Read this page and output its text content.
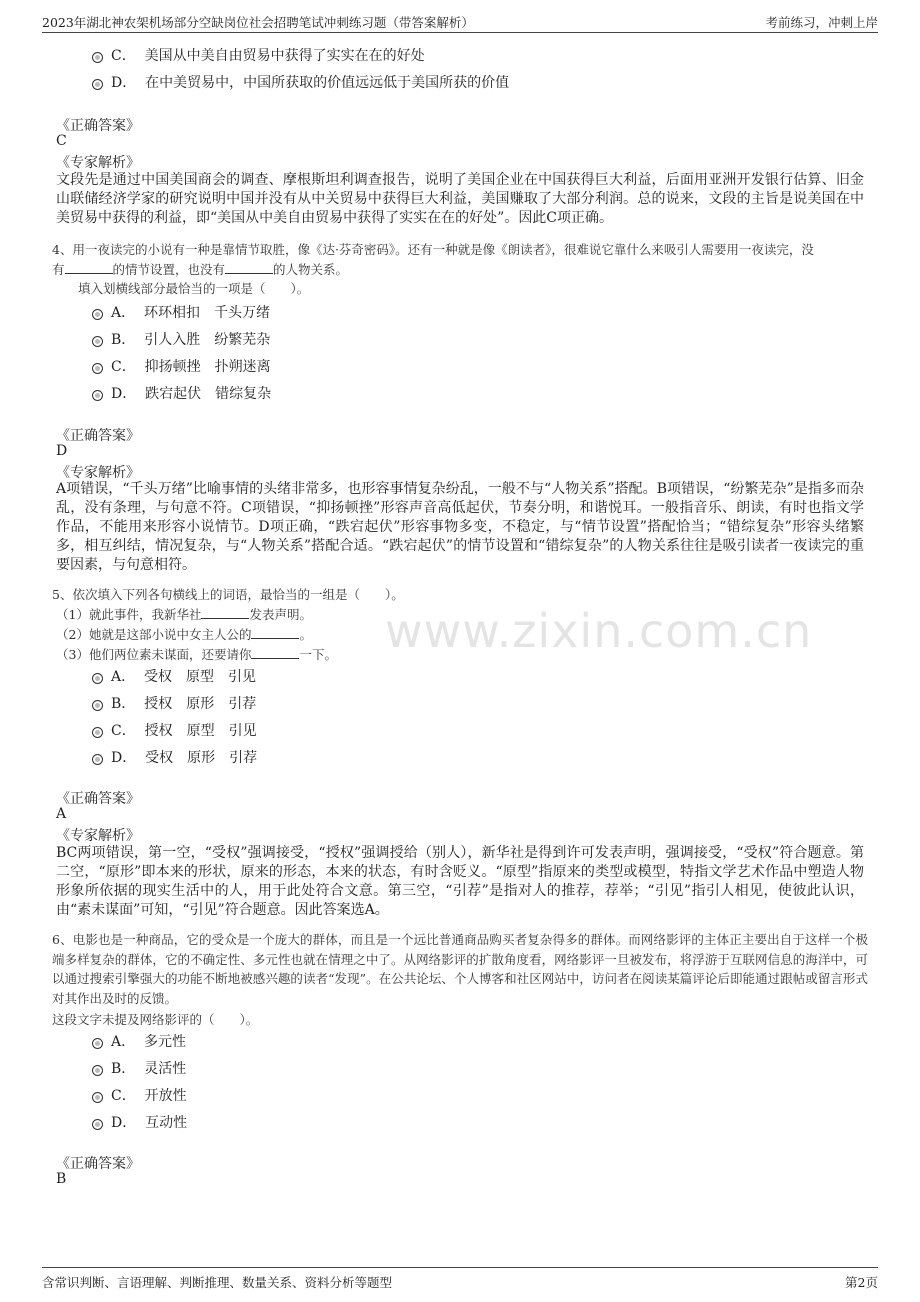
2023年湖北神农架机场部分空缺岗位社会招聘笔试冲刺练习题（带答案解析）	考前练习，冲刺上岸
www.zixin.com.cn
C． 美国从中美自由贸易中获得了实实在在的好处
D． 在中美贸易中，中国所获取的价值远远低于美国所获的价值
《正确答案》
C
《专家解析》
文段先是通过中国美国商会的调查、摩根斯坦利调查报告，说明了美国企业在中国获得巨大利益，后面用亚洲开发银行估算、旧金山联储经济学家的研究说明中国并没有从中关贸易中获得巨大利益，美国赚取了大部分利润。总的说来，文段的主旨是说美国在中美贸易中获得的利益，即“美国从中美自由贸易中获得了实实在在的好处”。因此C项正确。
4、用一夜读完的小说有一种是靠情节取胜，像《达·芬奇密码》。还有一种就是像《朗读者》，很难说它靠什么来吸引人需要用一夜读完，没
有	的情节设置，也没有	的人物关系。
填入划横线部分最恰当的一项是（　　）。
A． 环环相扣　千头万绪
B． 引人入胜　纷繁芜杂
C． 抑扬顿挫　扑朔迷离
D． 跌宕起伏　错综复杂
《正确答案》
D
《专家解析》
A项错误，“千头万绪”比喻事情的头绪非常多，也形容事情复杂纷乱，一般不与“人物关系”搭配。B项错误，“纷繁芜杂”是指多而杂乱，没有条理，与句意不符。C项错误，“抑扬顿挫”形容声音高低起伏，节奏分明，和谐悦耳。一般指音乐、朗读，有时也指文学作品，不能用来形容小说情节。D项正确，“跌宕起伏”形容事物多变，不稳定，与“情节设置”搭配恰当；“错综复杂”形容头绪繁多，相互纠结，情况复杂，与“人物关系”搭配合适。“跌宕起伏”的情节设置和“错综复杂”的人物关系往往是吸引读者一夜读完的重要因素，与句意相符。
5、依次填入下列各句横线上的词语，最恰当的一组是（　　）。
（1）就此事件，我新华社	发表声明。
（2）她就是这部小说中女主人公的	。
（3）他们两位素未谋面，还要请你	一下。
A． 受权　原型　引见
B． 授权　原形　引荐
C． 授权　原型　引见
D． 受权　原形　引荐
《正确答案》
A
《专家解析》
BC两项错误，第一空，“受权”强调接受，“授权”强调授给（别人），新华社是得到许可发表声明，强调接受，“受权”符合题意。第二空，“原形”即本来的形状，原来的形态，本来的状态，有时含贬义。“原型”指原来的类型或模型，特指文学艺术作品中塑造人物形象所依据的现实生活中的人，用于此处符合文意。第三空，“引荐”是指对人的推荐，荐举；“引见”指引人相见，使彼此认识，由“素未谋面”可知，“引见”符合题意。因此答案选A。
6、电影也是一种商品，它的受众是一个庞大的群体，而且是一个远比普通商品购买者复杂得多的群体。而网络影评的主体正主要出自于这样一个极端多样复杂的群体，它的不确定性、多元性也就在情理之中了。从网络影评的扩散角度看，网络影评一旦被发布，将浮游于互联网信息的海洋中，可以通过搜索引擎强大的功能不断地被感兴趣的读者“发现”。在公共论坛、个人博客和社区网站中，访问者在阅读某篇评论后即能通过跟帖或留言形式对其作出及时的反馈。
这段文字未提及网络影评的（　　）。
A． 多元性
B． 灵活性
C． 开放性
D． 互动性
《正确答案》
B
含常识判断、言语理解、判断推理、数量关系、资料分析等题型	第2页
